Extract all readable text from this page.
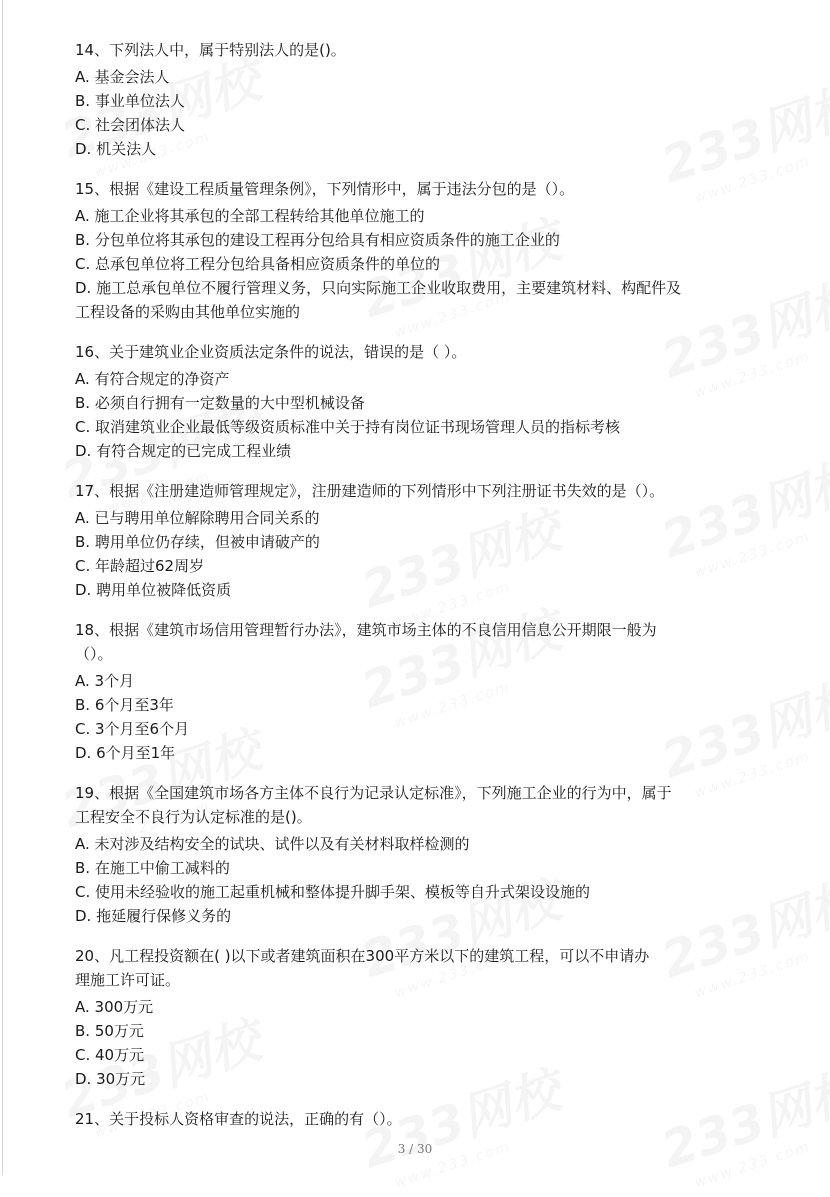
14、下列法人中，属于特别法人的是()。
A. 基金会法人
B. 事业单位法人
C. 社会团体法人
D. 机关法人
15、根据《建设工程质量管理条例》，下列情形中，属于违法分包的是（）。
A. 施工企业将其承包的全部工程转给其他单位施工的
B. 分包单位将其承包的建设工程再分包给具有相应资质条件的施工企业的
C. 总承包单位将工程分包给具备相应资质条件的单位的
D. 施工总承包单位不履行管理义务，只向实际施工企业收取费用，主要建筑材料、构配件及
工程设备的采购由其他单位实施的
16、关于建筑业企业资质法定条件的说法，错误的是（ ）。
A. 有符合规定的净资产
B. 必须自行拥有一定数量的大中型机械设备
C. 取消建筑业企业最低等级资质标准中关于持有岗位证书现场管理人员的指标考核
D. 有符合规定的已完成工程业绩
17、根据《注册建造师管理规定》，注册建造师的下列情形中下列注册证书失效的是（）。
A. 已与聘用单位解除聘用合同关系的
B. 聘用单位仍存续，但被申请破产的
C. 年龄超过62周岁
D. 聘用单位被降低资质
18、根据《建筑市场信用管理暂行办法》，建筑市场主体的不良信用信息公开期限一般为
（）。
A. 3个月
B. 6个月至3年
C. 3个月至6个月
D. 6个月至1年
19、根据《全国建筑市场各方主体不良行为记录认定标准》，下列施工企业的行为中，属于
工程安全不良行为认定标准的是()。
A. 未对涉及结构安全的试块、试件以及有关材料取样检测的
B. 在施工中偷工减料的
C. 使用未经验收的施工起重机械和整体提升脚手架、模板等自升式架设设施的
D. 拖延履行保修义务的
20、凡工程投资额在( )以下或者建筑面积在300平方米以下的建筑工程，可以不申请办
理施工许可证。
A. 300万元
B. 50万元
C. 40万元
D. 30万元
21、关于投标人资格审查的说法，正确的有（）。
3 / 30
